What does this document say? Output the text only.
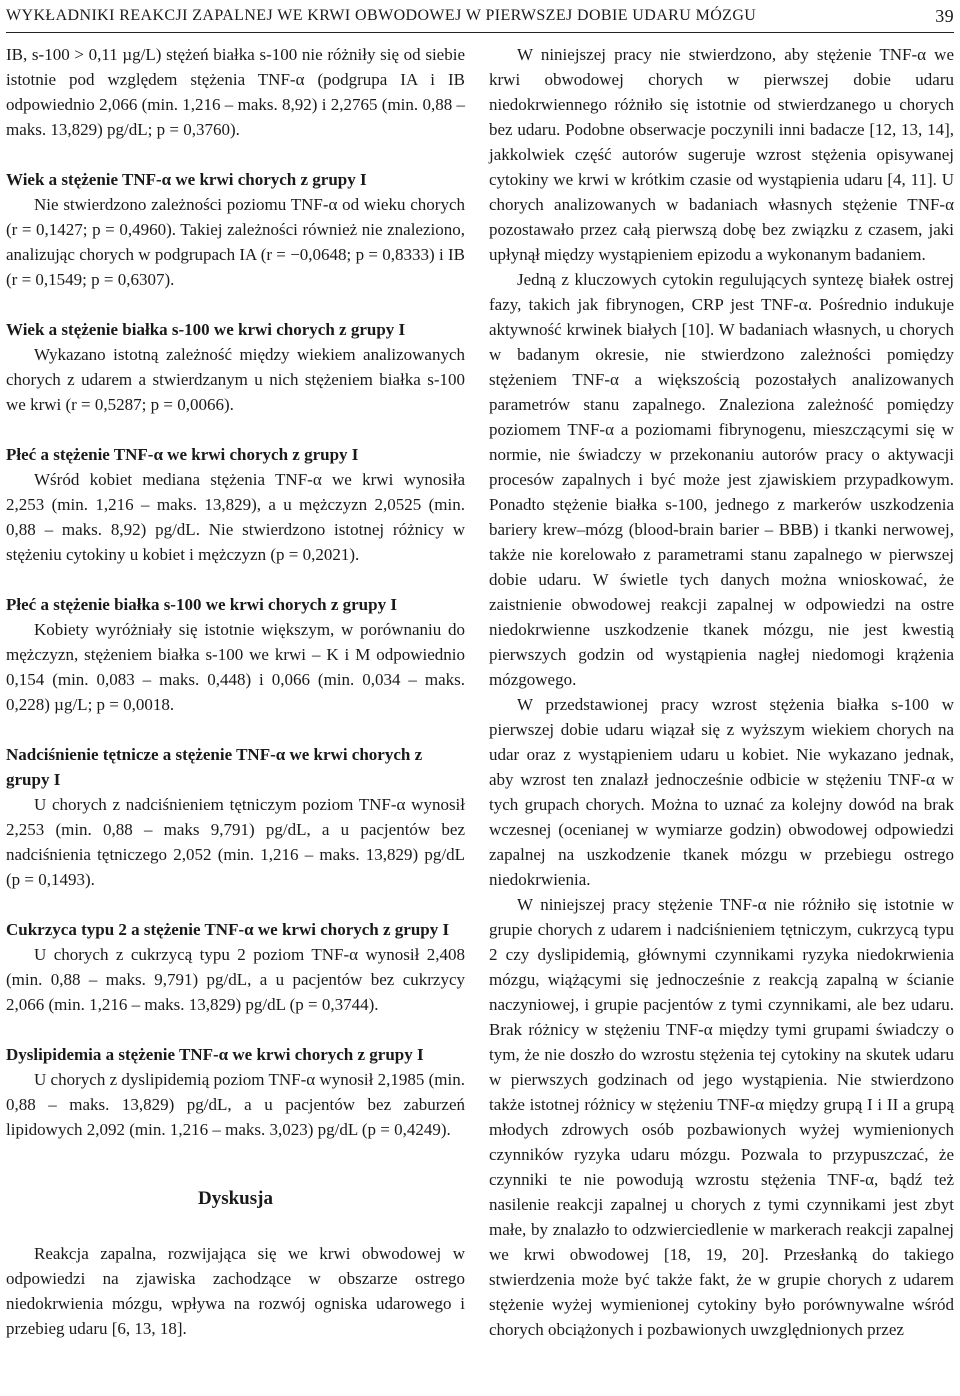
WYKŁADNIKI REAKCJI ZAPALNEJ WE KRWI OBWODOWEJ W PIERWSZEJ DOBIE UDARU MÓZGU	39

IB, s-100 > 0,11 µg/L) stężeń białka s-100 nie różniły się od siebie istotnie pod względem stężenia TNF-α (podgrupa IA i IB odpowiednio 2,066 (min. 1,216 – maks. 8,92) i 2,2765 (min. 0,88 – maks. 13,829) pg/dL; p = 0,3760).

Wiek a stężenie TNF-α we krwi chorych z grupy I

Nie stwierdzono zależności poziomu TNF-α od wieku chorych (r = 0,1427; p = 0,4960). Takiej zależności również nie znaleziono, analizując chorych w podgrupach IA (r = −0,0648; p = 0,8333) i IB (r = 0,1549; p = 0,6307).

Wiek a stężenie białka s-100 we krwi chorych z grupy I

Wykazano istotną zależność między wiekiem analizowanych chorych z udarem a stwierdzanym u nich stężeniem białka s-100 we krwi (r = 0,5287; p = 0,0066).

Płeć a stężenie TNF-α we krwi chorych z grupy I

Wśród kobiet mediana stężenia TNF-α we krwi wynosiła 2,253 (min. 1,216 – maks. 13,829), a u mężczyzn 2,0525 (min. 0,88 – maks. 8,92) pg/dL. Nie stwierdzono istotnej różnicy w stężeniu cytokiny u kobiet i mężczyzn (p = 0,2021).

Płeć a stężenie białka s-100 we krwi chorych z grupy I

Kobiety wyróżniały się istotnie większym, w porównaniu do mężczyzn, stężeniem białka s-100 we krwi – K i M odpowiednio 0,154 (min. 0,083 – maks. 0,448) i 0,066 (min. 0,034 – maks. 0,228) µg/L; p = 0,0018.

Nadciśnienie tętnicze a stężenie TNF-α we krwi chorych z grupy I

U chorych z nadciśnieniem tętniczym poziom TNF-α wynosił 2,253 (min. 0,88 – maks 9,791) pg/dL, a u pacjentów bez nadciśnienia tętniczego 2,052 (min. 1,216 – maks. 13,829) pg/dL (p = 0,1493).

Cukrzyca typu 2 a stężenie TNF-α we krwi chorych z grupy I

U chorych z cukrzycą typu 2 poziom TNF-α wynosił 2,408 (min. 0,88 – maks. 9,791) pg/dL, a u pacjentów bez cukrzycy 2,066 (min. 1,216 – maks. 13,829) pg/dL (p = 0,3744).

Dyslipidemia a stężenie TNF-α we krwi chorych z grupy I

U chorych z dyslipidemią poziom TNF-α wynosił 2,1985 (min. 0,88 – maks. 13,829) pg/dL, a u pacjentów bez zaburzeń lipidowych 2,092 (min. 1,216 – maks. 3,023) pg/dL (p = 0,4249).

Dyskusja

Reakcja zapalna, rozwijająca się we krwi obwodowej w odpowiedzi na zjawiska zachodzące w obszarze ostrego niedokrwienia mózgu, wpływa na rozwój ogniska udarowego i przebieg udaru [6, 13, 18].

W niniejszej pracy nie stwierdzono, aby stężenie TNF-α we krwi obwodowej chorych w pierwszej dobie udaru niedokrwiennego różniło się istotnie od stwierdzanego u chorych bez udaru. Podobne obserwacje poczynili inni badacze [12, 13, 14], jakkolwiek część autorów sugeruje wzrost stężenia opisywanej cytokiny we krwi w krótkim czasie od wystąpienia udaru [4, 11]. U chorych analizowanych w badaniach własnych stężenie TNF-α pozostawało przez całą pierwszą dobę bez związku z czasem, jaki upłynął między wystąpieniem epizodu a wykonanym badaniem.

Jedną z kluczowych cytokin regulujących syntezę białek ostrej fazy, takich jak fibrynogen, CRP jest TNF-α. Pośrednio indukuje aktywność krwinek białych [10]. W badaniach własnych, u chorych w badanym okresie, nie stwierdzono zależności pomiędzy stężeniem TNF-α a większością pozostałych analizowanych parametrów stanu zapalnego. Znaleziona zależność pomiędzy poziomem TNF-α a poziomami fibrynogenu, mieszczącymi się w normie, nie świadczy w przekonaniu autorów pracy o aktywacji procesów zapalnych i być może jest zjawiskiem przypadkowym. Ponadto stężenie białka s-100, jednego z markerów uszkodzenia bariery krew–mózg (blood-brain barier – BBB) i tkanki nerwowej, także nie korelowało z parametrami stanu zapalnego w pierwszej dobie udaru. W świetle tych danych można wnioskować, że zaistnienie obwodowej reakcji zapalnej w odpowiedzi na ostre niedokrwienne uszkodzenie tkanek mózgu, nie jest kwestią pierwszych godzin od wystąpienia nagłej niedomogi krążenia mózgowego.

W przedstawionej pracy wzrost stężenia białka s-100 w pierwszej dobie udaru wiązał się z wyższym wiekiem chorych na udar oraz z wystąpieniem udaru u kobiet. Nie wykazano jednak, aby wzrost ten znalazł jednocześnie odbicie w stężeniu TNF-α w tych grupach chorych. Można to uznać za kolejny dowód na brak wczesnej (ocenianej w wymiarze godzin) obwodowej odpowiedzi zapalnej na uszkodzenie tkanek mózgu w przebiegu ostrego niedokrwienia.

W niniejszej pracy stężenie TNF-α nie różniło się istotnie w grupie chorych z udarem i nadciśnieniem tętniczym, cukrzycą typu 2 czy dyslipidemią, głównymi czynnikami ryzyka niedokrwienia mózgu, wiążącymi się jednocześnie z reakcją zapalną w ścianie naczyniowej, i grupie pacjentów z tymi czynnikami, ale bez udaru. Brak różnicy w stężeniu TNF-α między tymi grupami świadczy o tym, że nie doszło do wzrostu stężenia tej cytokiny na skutek udaru w pierwszych godzinach od jego wystąpienia. Nie stwierdzono także istotnej różnicy w stężeniu TNF-α między grupą I i II a grupą młodych zdrowych osób pozbawionych wyżej wymienionych czynników ryzyka udaru mózgu. Pozwala to przypuszczać, że czynniki te nie powodują wzrostu stężenia TNF-α, bądź też nasilenie reakcji zapalnej u chorych z tymi czynnikami jest zbyt małe, by znalazło to odzwierciedlenie w markerach reakcji zapalnej we krwi obwodowej [18, 19, 20]. Przesłanką do takiego stwierdzenia może być także fakt, że w grupie chorych z udarem stężenie wyżej wymienionej cytokiny było porównywalne wśród chorych obciążonych i pozbawionych uwzględnionych przez
